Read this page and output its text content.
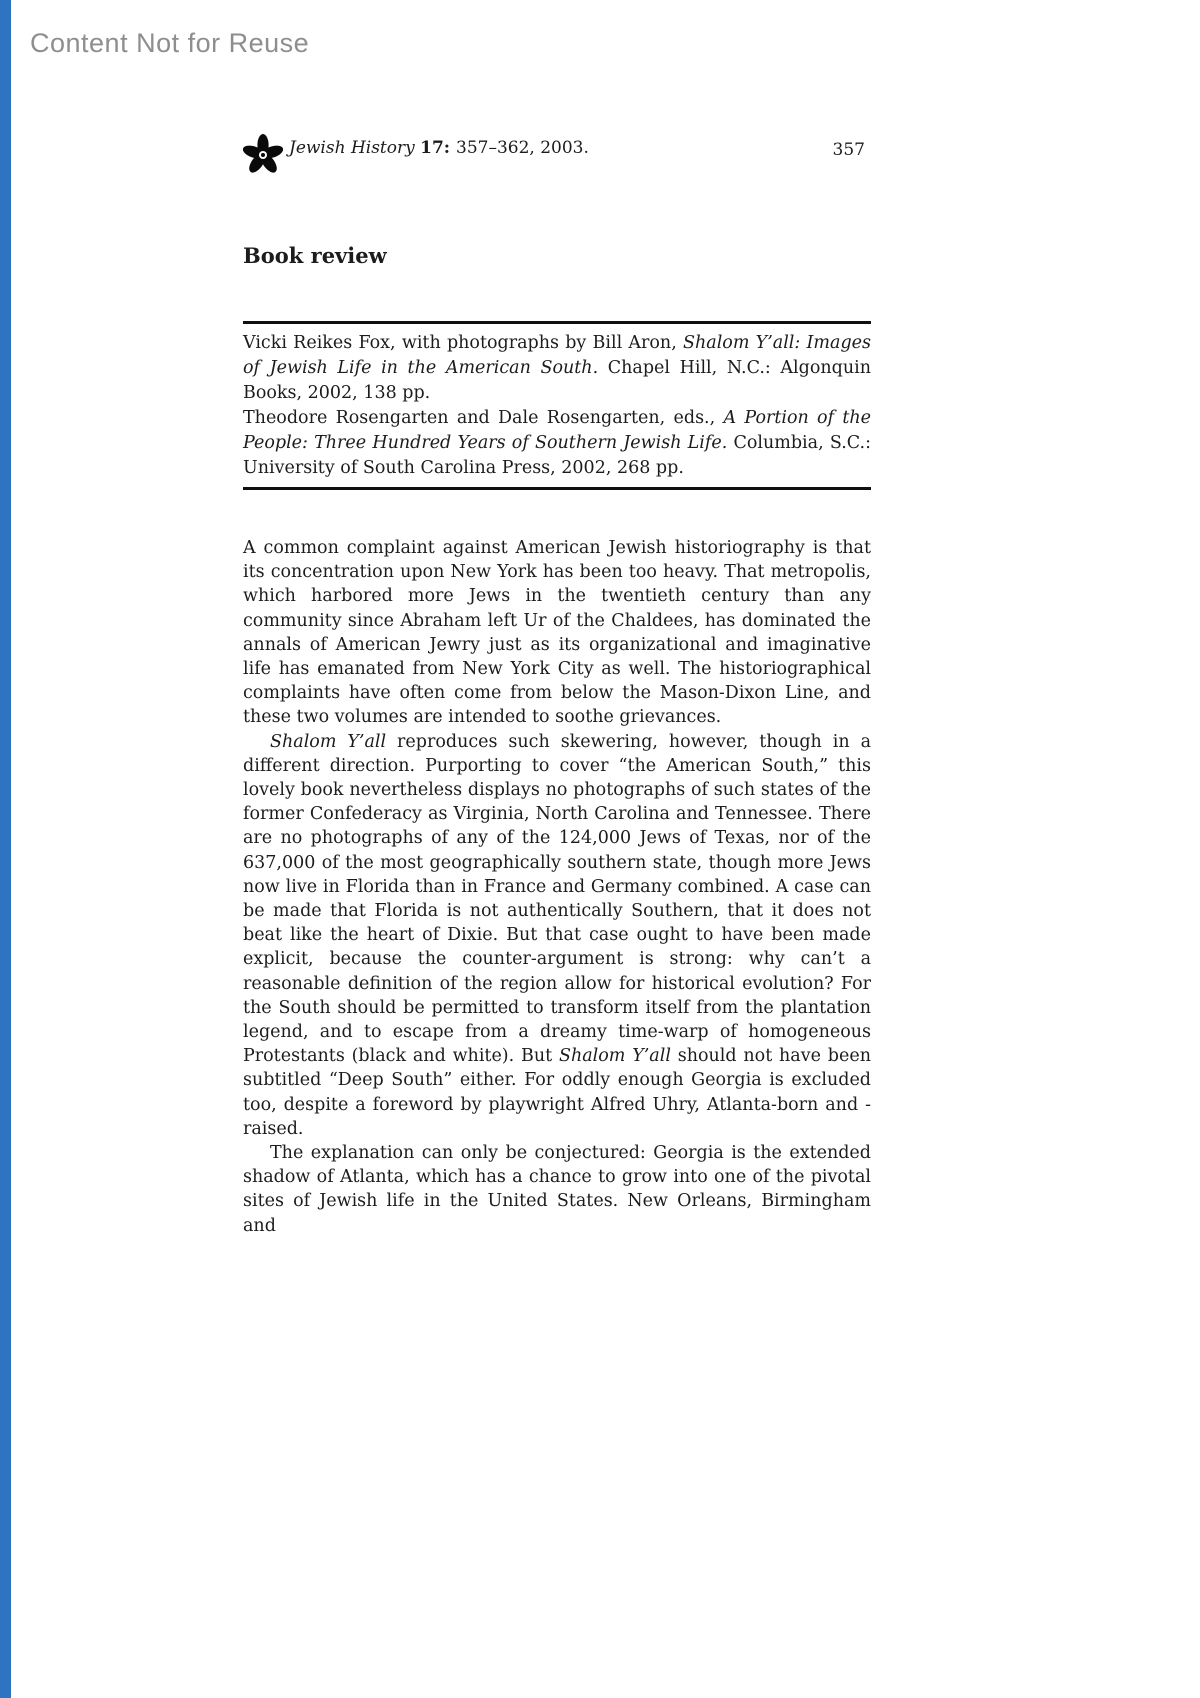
Content Not for Reuse
Jewish History 17: 357–362, 2003.	357
Book review

Vicki Reikes Fox, with photographs by Bill Aron, Shalom Y’all: Images of Jewish Life in the American South. Chapel Hill, N.C.: Algonquin Books, 2002, 138 pp.

Theodore Rosengarten and Dale Rosengarten, eds., A Portion of the People: Three Hundred Years of Southern Jewish Life. Columbia, S.C.: University of South Carolina Press, 2002, 268 pp.

A common complaint against American Jewish historiography is that its concentration upon New York has been too heavy. That metropolis, which harbored more Jews in the twentieth century than any community since Abraham left Ur of the Chaldees, has dominated the annals of American Jewry just as its organizational and imaginative life has emanated from New York City as well. The historiographical complaints have often come from below the Mason-Dixon Line, and these two volumes are intended to soothe grievances.

Shalom Y’all reproduces such skewering, however, though in a different direction. Purporting to cover “the American South,” this lovely book nevertheless displays no photographs of such states of the former Confederacy as Virginia, North Carolina and Tennessee. There are no photographs of any of the 124,000 Jews of Texas, nor of the 637,000 of the most geographically southern state, though more Jews now live in Florida than in France and Germany combined. A case can be made that Florida is not authentically Southern, that it does not beat like the heart of Dixie. But that case ought to have been made explicit, because the counter-argument is strong: why can’t a reasonable definition of the region allow for historical evolution? For the South should be permitted to transform itself from the plantation legend, and to escape from a dreamy time-warp of homogeneous Protestants (black and white). But Shalom Y’all should not have been subtitled “Deep South” either. For oddly enough Georgia is excluded too, despite a foreword by playwright Alfred Uhry, Atlanta-born and -raised.

The explanation can only be conjectured: Georgia is the extended shadow of Atlanta, which has a chance to grow into one of the pivotal sites of Jewish life in the United States. New Orleans, Birmingham and
